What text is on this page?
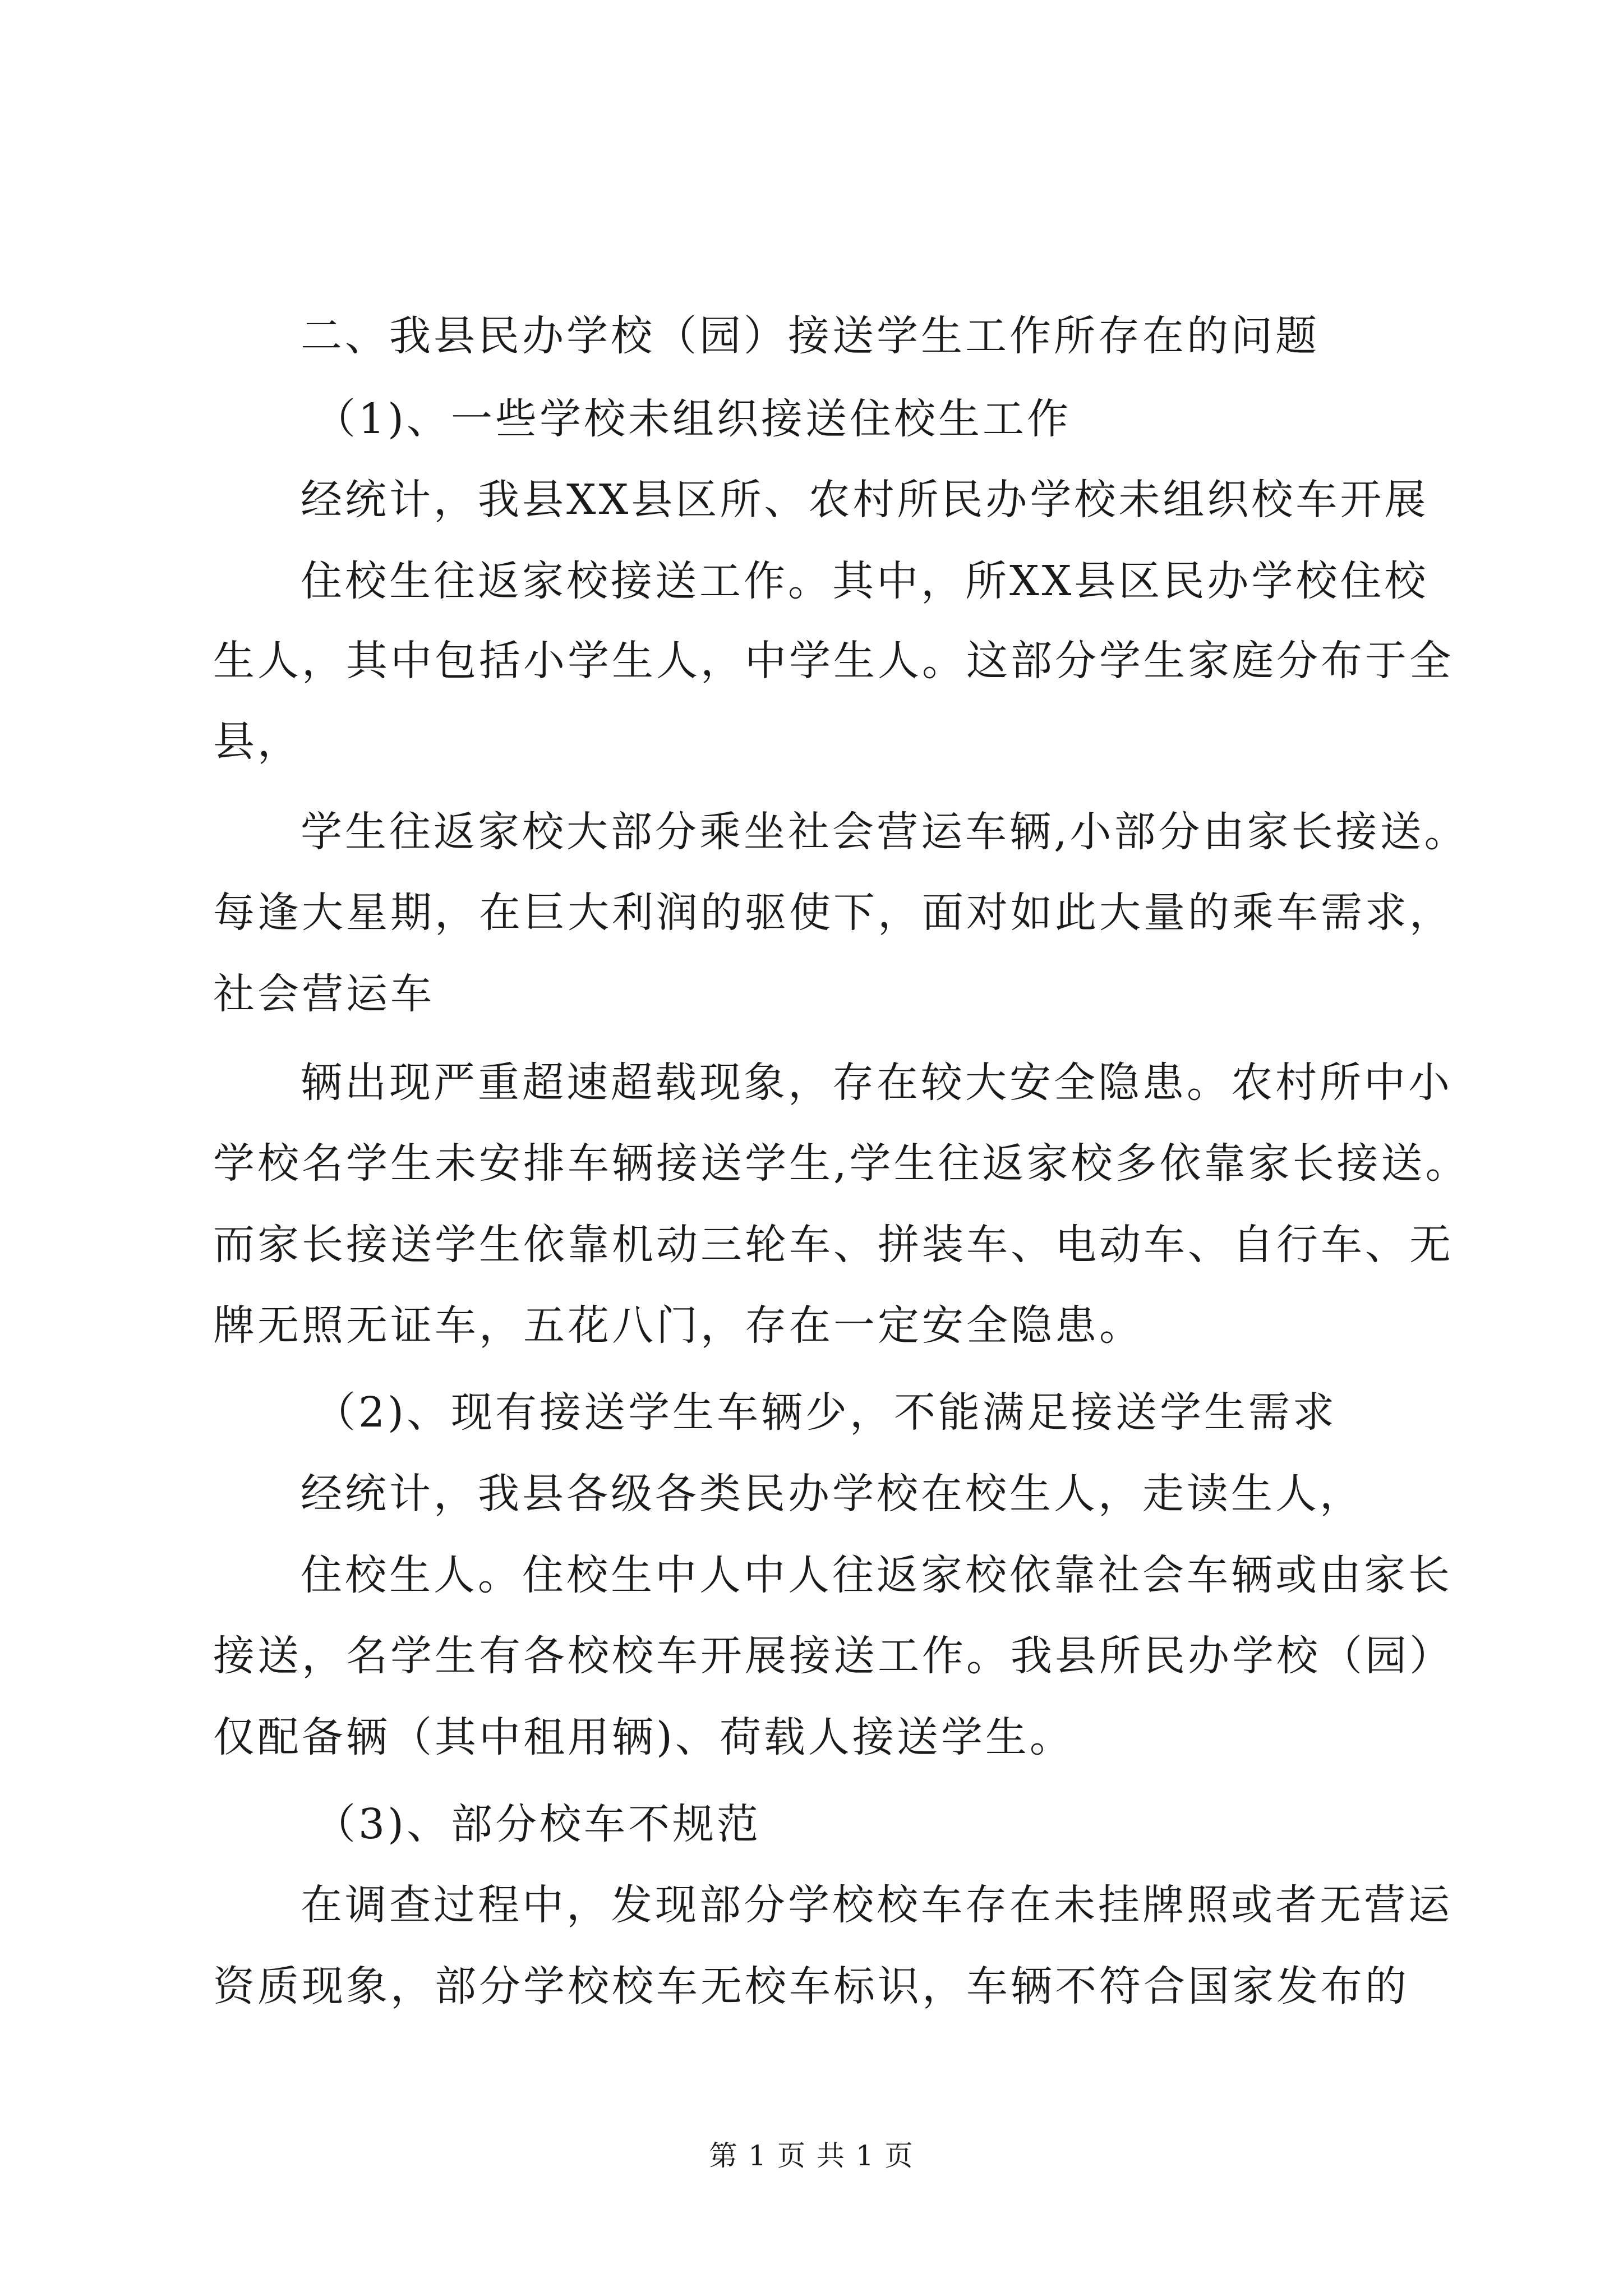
二、我县民办学校（园）接送学生工作所存在的问题
（1)、一些学校未组织接送住校生工作
经统计，我县XX县区所、农村所民办学校未组织校车开展
住校生往返家校接送工作。其中，所XX县区民办学校住校
生人，其中包括小学生人，中学生人。这部分学生家庭分布于全
县，
学生往返家校大部分乘坐社会营运车辆,小部分由家长接送。
每逢大星期，在巨大利润的驱使下，面对如此大量的乘车需求，
社会营运车
辆出现严重超速超载现象，存在较大安全隐患。农村所中小
学校名学生未安排车辆接送学生,学生往返家校多依靠家长接送。
而家长接送学生依靠机动三轮车、拼装车、电动车、自行车、无
牌无照无证车，五花八门，存在一定安全隐患。
（2)、现有接送学生车辆少，不能满足接送学生需求
经统计，我县各级各类民办学校在校生人，走读生人，
住校生人。住校生中人中人往返家校依靠社会车辆或由家长
接送，名学生有各校校车开展接送工作。我县所民办学校（园）
仅配备辆（其中租用辆)、荷载人接送学生。
（3)、部分校车不规范
在调查过程中，发现部分学校校车存在未挂牌照或者无营运
资质现象，部分学校校车无校车标识，车辆不符合国家发布的
第 1 页 共 1 页
